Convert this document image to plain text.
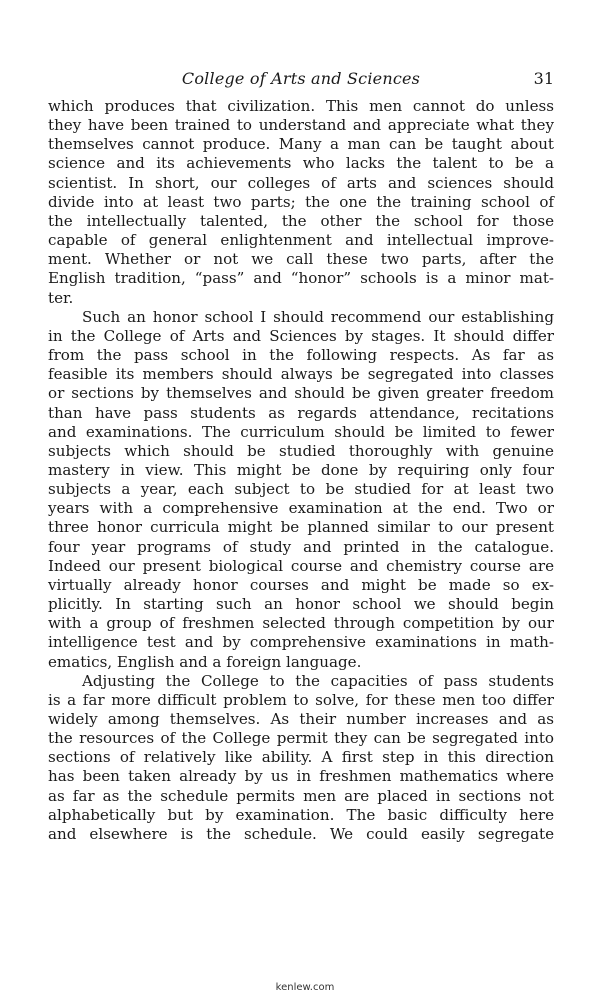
College of Arts and Sciences	31

which produces that civilization. This men cannot do unless
they have been trained to understand and appreciate what they
themselves cannot produce. Many a man can be taught about
science and its achievements who lacks the talent to be a
scientist. In short, our colleges of arts and sciences should
divide into at least two parts; the one the training school of
the intellectually talented, the other the school for those
capable of general enlightenment and intellectual improve-
ment. Whether or not we call these two parts, after the
English tradition, “pass” and “honor” schools is a minor mat-
ter.

Such an honor school I should recommend our establishing
in the College of Arts and Sciences by stages. It should differ
from the pass school in the following respects. As far as
feasible its members should always be segregated into classes
or sections by themselves and should be given greater freedom
than have pass students as regards attendance, recitations
and examinations. The curriculum should be limited to fewer
subjects which should be studied thoroughly with genuine
mastery in view. This might be done by requiring only four
subjects a year, each subject to be studied for at least two
years with a comprehensive examination at the end. Two or
three honor curricula might be planned similar to our present
four year programs of study and printed in the catalogue.
Indeed our present biological course and chemistry course are
virtually already honor courses and might be made so ex-
plicitly. In starting such an honor school we should begin
with a group of freshmen selected through competition by our
intelligence test and by comprehensive examinations in math-
ematics, English and a foreign language.

Adjusting the College to the capacities of pass students
is a far more difficult problem to solve, for these men too differ
widely among themselves. As their number increases and as
the resources of the College permit they can be segregated into
sections of relatively like ability. A first step in this direction
has been taken already by us in freshmen mathematics where
as far as the schedule permits men are placed in sections not
alphabetically but by examination. The basic difficulty here
and elsewhere is the schedule. We could easily segregate

kenlew.com
